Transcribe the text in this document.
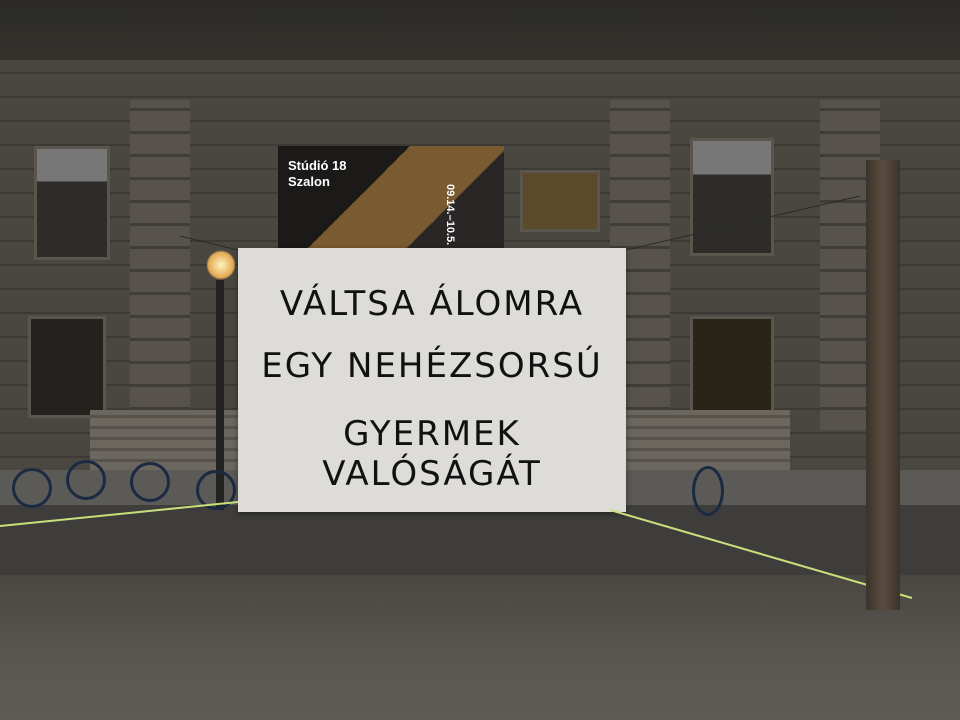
Stúdió 18
Szalon
09.14.–10.5.
VÁLTSA ÁLOMRA
EGY NEHÉZSORSÚ
GYERMEK VALÓSÁGÁT
